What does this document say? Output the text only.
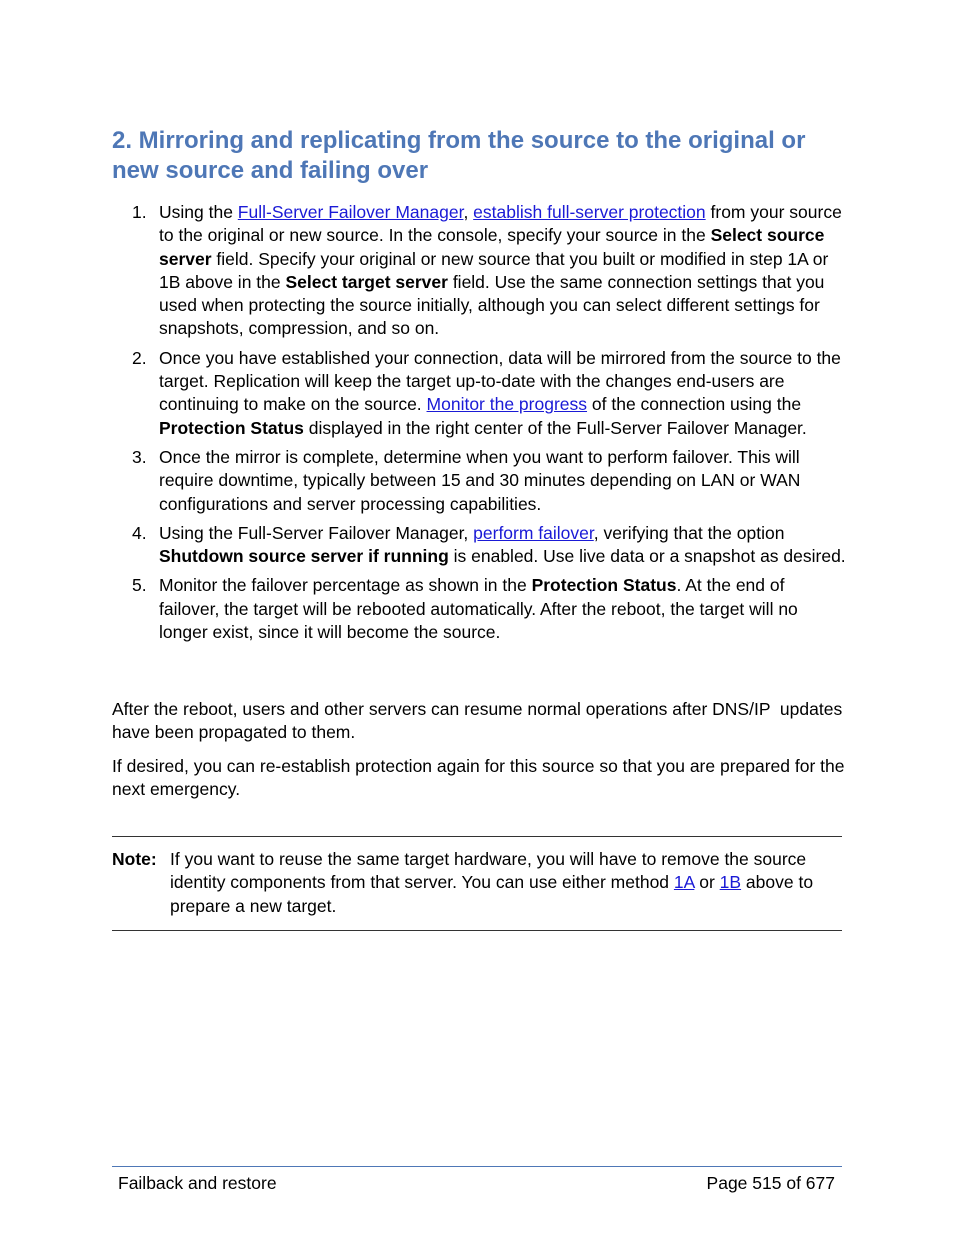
2. Mirroring and replicating from the source to the original or new source and failing over
1. Using the Full-Server Failover Manager, establish full-server protection from your source to the original or new source. In the console, specify your source in the Select source server field. Specify your original or new source that you built or modified in step 1A or 1B above in the Select target server field. Use the same connection settings that you used when protecting the source initially, although you can select different settings for snapshots, compression, and so on.
2. Once you have established your connection, data will be mirrored from the source to the target. Replication will keep the target up-to-date with the changes end-users are continuing to make on the source. Monitor the progress of the connection using the Protection Status displayed in the right center of the Full-Server Failover Manager.
3. Once the mirror is complete, determine when you want to perform failover. This will require downtime, typically between 15 and 30 minutes depending on LAN or WAN configurations and server processing capabilities.
4. Using the Full-Server Failover Manager, perform failover, verifying that the option Shutdown source server if running is enabled. Use live data or a snapshot as desired.
5. Monitor the failover percentage as shown in the Protection Status. At the end of failover, the target will be rebooted automatically. After the reboot, the target will no longer exist, since it will become the source.

After the reboot, users and other servers can resume normal operations after DNS/IP  updates have been propagated to them.

If desired, you can re-establish protection again for this source so that you are prepared for the next emergency.

Note: If you want to reuse the same target hardware, you will have to remove the source identity components from that server. You can use either method 1A or 1B above to prepare a new target.
Failback and restore	Page 515 of 677
